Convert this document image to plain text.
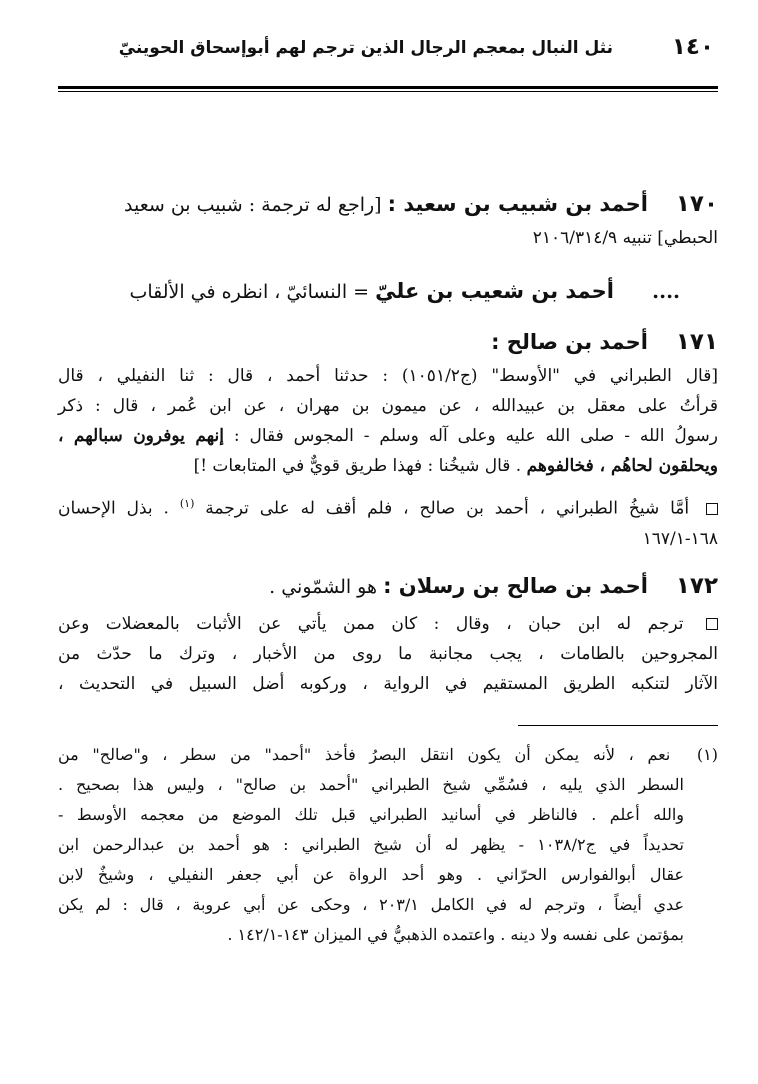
١٤٠
نثل النبال بمعجم الرجال الذين ترجم لهم أبوإسحاق الحوينيّ
١٧٠ أحمد بن شبيب بن سعيد : [راجع له ترجمة : شبيب بن سعيد
الحبطي] تنبيه ٢١٠٦/٣١٤/٩
.... أحمد بن شعيب بن عليّ = النسائيّ ، انظره في الألقاب
١٧١ أحمد بن صالح :
[قال الطبراني في "الأوسط" (ج١٠٥١/٢) : حدثنا أحمد ، قال : ثنا النفيلي ، قال
قرأتُ على معقل بن عبيدالله ، عن ميمون بن مهران ، عن ابن عُمر ، قال : ذكر
رسولُ الله - صلى الله عليه وعلى آله وسلم - المجوس فقال : إنهم يوفرون سبالهم ،
ويحلقون لحاهُم ، فخالفوهم . قال شيخُنا : فهذا طريق قويٌّ في المتابعات !]
أمَّا شيخُ الطبراني ، أحمد بن صالح ، فلم أقف له على ترجمة $^{(١)}$ . بذل الإحسان
١٦٨-١٦٧/١
١٧٢ أحمد بن صالح بن رسلان : هو الشمّوني .
ترجم له ابن حبان ، وقال : كان ممن يأتي عن الأثبات بالمعضلات وعن
المجروحين بالطامات ، يجب مجانبة ما روى من الأخبار ، وترك ما حدّث من
الآثار لتنكبه الطريق المستقيم في الرواية ، وركوبه أضل السبيل في التحديث ،
(١) نعم ، لأنه يمكن أن يكون انتقل البصرُ فأخذ "أحمد" من سطر ، و"صالح" من
السطر الذي يليه ، فسُمِّي شيخ الطبراني "أحمد بن صالح" ، وليس هذا بصحيح .
والله أعلم . فالناظر في أسانيد الطبراني قبل تلك الموضع من معجمه الأوسط -
تحديداً في ج١٠٣٨/٢ - يظهر له أن شيخ الطبراني : هو أحمد بن عبدالرحمن ابن
عقال أبوالفوارس الحرّاني . وهو أحد الرواة عن أبي جعفر النفيلي ، وشيخٌ لابن
عدي أيضاً ، وترجم له في الكامل ٢٠٣/١ ، وحكى عن أبي عروبة ، قال : لم يكن
بمؤتمن على نفسه ولا دينه . واعتمده الذهبيُّ في الميزان ١٤٣-١٤٢/١ .
